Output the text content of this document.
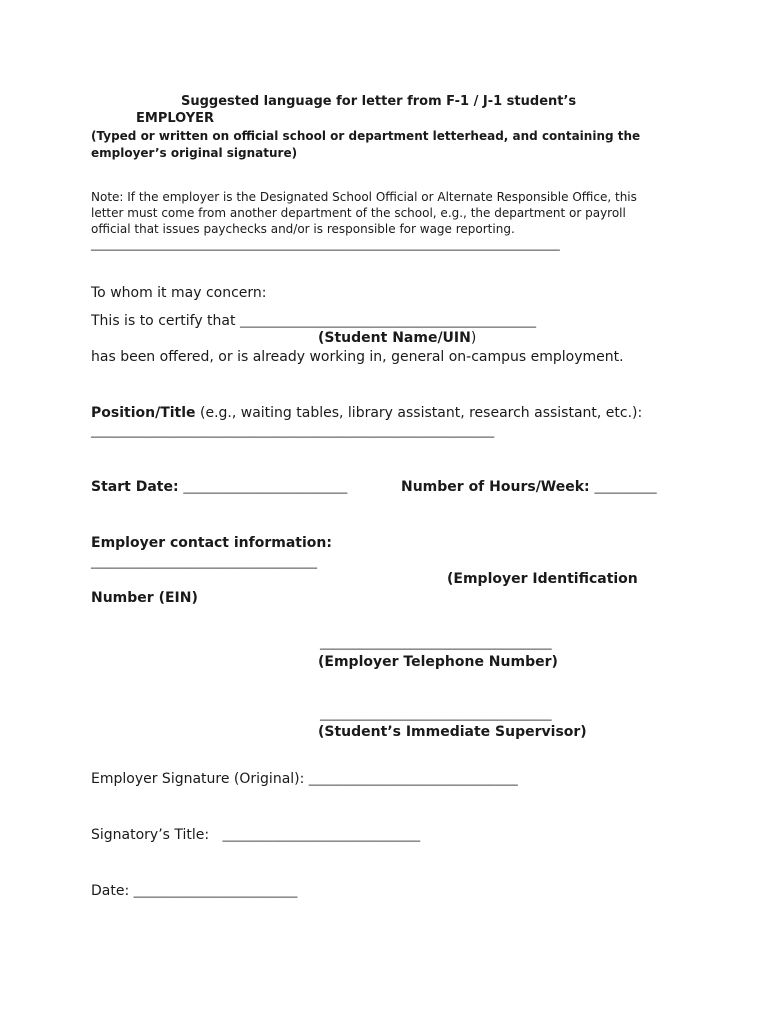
Suggested language for letter from F-1 / J-1 student’s
EMPLOYER
(Typed or written on official school or department letterhead, and containing the
employer’s original signature)
Note: If the employer is the Designated School Official or Alternate Responsible Office, this
letter must come from another department of the school, e.g., the department or payroll
official that issues paychecks and/or is responsible for wage reporting.
___________________________________________________________________________________
To whom it may concern:
This is to certify that ____________________________________________________
(Student Name/UIN)
has been offered, or is already working in, general on-campus employment.
Position/Title (e.g., waiting tables, library assistant, research assistant, etc.):
_____________________________________________________________________
Start Date: _____________________________	Number of Hours/Week: ___________
Employer contact information:
_______________________________________
(Employer Identification
Number (EIN)
_________________________________________
(Employer Telephone Number)
_________________________________________
(Student’s Immediate Supervisor)
Employer Signature (Original): _____________________________________
Signatory’s Title:   ___________________________________
Date: _____________________________
